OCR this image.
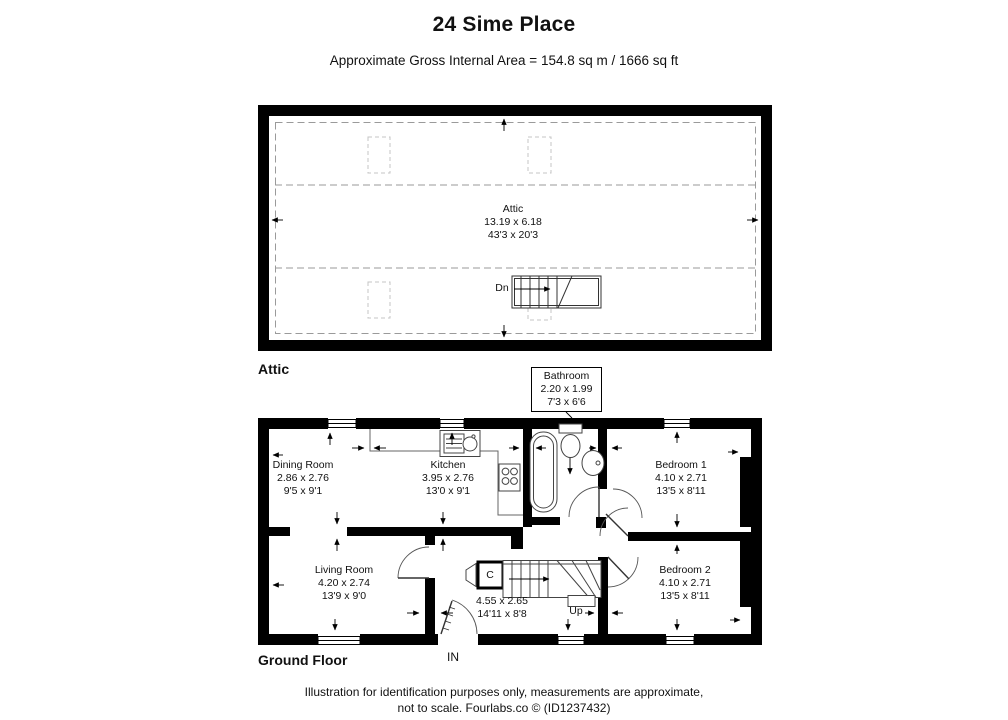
24 Sime Place
Approximate Gross Internal Area = 154.8 sq m / 1666 sq ft
Attic
13.19 x 6.18
43'3 x 20'3
Dn
Attic	Bathroom
2.20 x 1.99
7'3 x 6'6
Dining Room
2.86 x 2.76
9'5 x 9'1
Kitchen
3.95 x 2.76
13'0 x 9'1
Bedroom 1
4.10 x 2.71
13'5 x 8'11
Living Room
4.20 x 2.74
13'9 x 9'0
Bedroom 2
4.10 x 2.71
13'5 x 8'11
4.55 x 2.65
14'11 x 8'8
C
Up
Ground Floor	IN
Illustration for identification purposes only, measurements are approximate,
not to scale. Fourlabs.co © (ID1237432)
